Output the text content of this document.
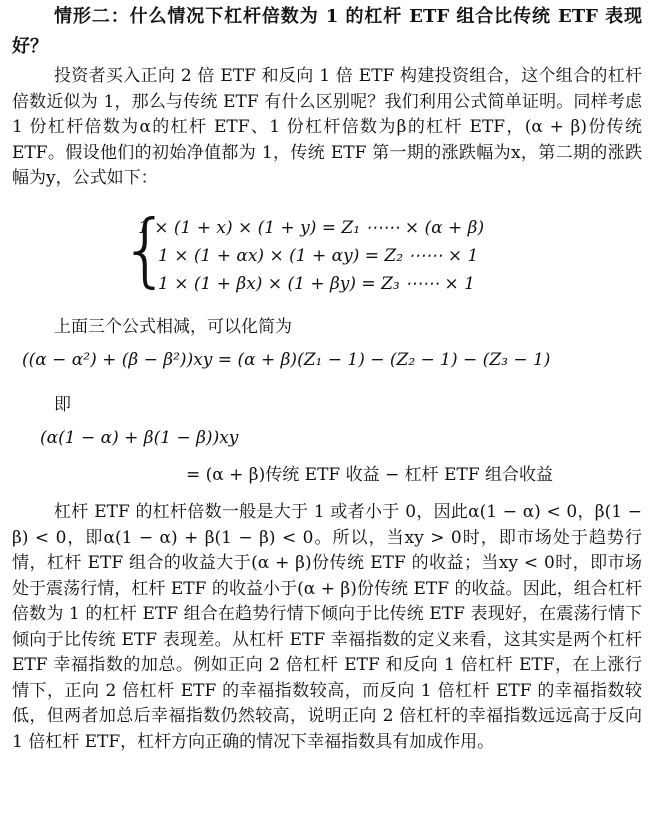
情形二：什么情况下杠杆倍数为 1 的杠杆 ETF 组合比传统 ETF 表现好？

投资者买入正向 2 倍 ETF 和反向 1 倍 ETF 构建投资组合，这个组合的杠杆倍数近似为 1，那么与传统 ETF 有什么区别呢？我们利用公式简单证明。同样考虑 1 份杠杆倍数为α的杠杆 ETF、1 份杠杆倍数为β的杠杆 ETF，(α + β)份传统 ETF。假设他们的初始净值都为 1，传统 ETF 第一期的涨跌幅为x，第二期的涨跌幅为y，公式如下：

{
1 × (1 + x) × (1 + y) = Z₁ ⋯⋯ × (α + β)
1 × (1 + αx) × (1 + αy) = Z₂ ⋯⋯ × 1
1 × (1 + βx) × (1 + βy) = Z₃ ⋯⋯ × 1
上面三个公式相减，可以化简为
((α − α²) + (β − β²))xy = (α + β)(Z₁ − 1) − (Z₂ − 1) − (Z₃ − 1)
即
(α(1 − α) + β(1 − β))xy
= (α + β)传统 ETF 收益 − 杠杆 ETF 组合收益

杠杆 ETF 的杠杆倍数一般是大于 1 或者小于 0，因此α(1 − α) < 0，β(1 − β) < 0，即α(1 − α) + β(1 − β) < 0。所以，当xy > 0时，即市场处于趋势行情，杠杆 ETF 组合的收益大于(α + β)份传统 ETF 的收益；当xy < 0时，即市场处于震荡行情，杠杆 ETF 的收益小于(α + β)份传统 ETF 的收益。因此，组合杠杆倍数为 1 的杠杆 ETF 组合在趋势行情下倾向于比传统 ETF 表现好，在震荡行情下倾向于比传统 ETF 表现差。从杠杆 ETF 幸福指数的定义来看，这其实是两个杠杆 ETF 幸福指数的加总。例如正向 2 倍杠杆 ETF 和反向 1 倍杠杆 ETF，在上涨行情下，正向 2 倍杠杆 ETF 的幸福指数较高，而反向 1 倍杠杆 ETF 的幸福指数较低，但两者加总后幸福指数仍然较高，说明正向 2 倍杠杆的幸福指数远远高于反向 1 倍杠杆 ETF，杠杆方向正确的情况下幸福指数具有加成作用。
